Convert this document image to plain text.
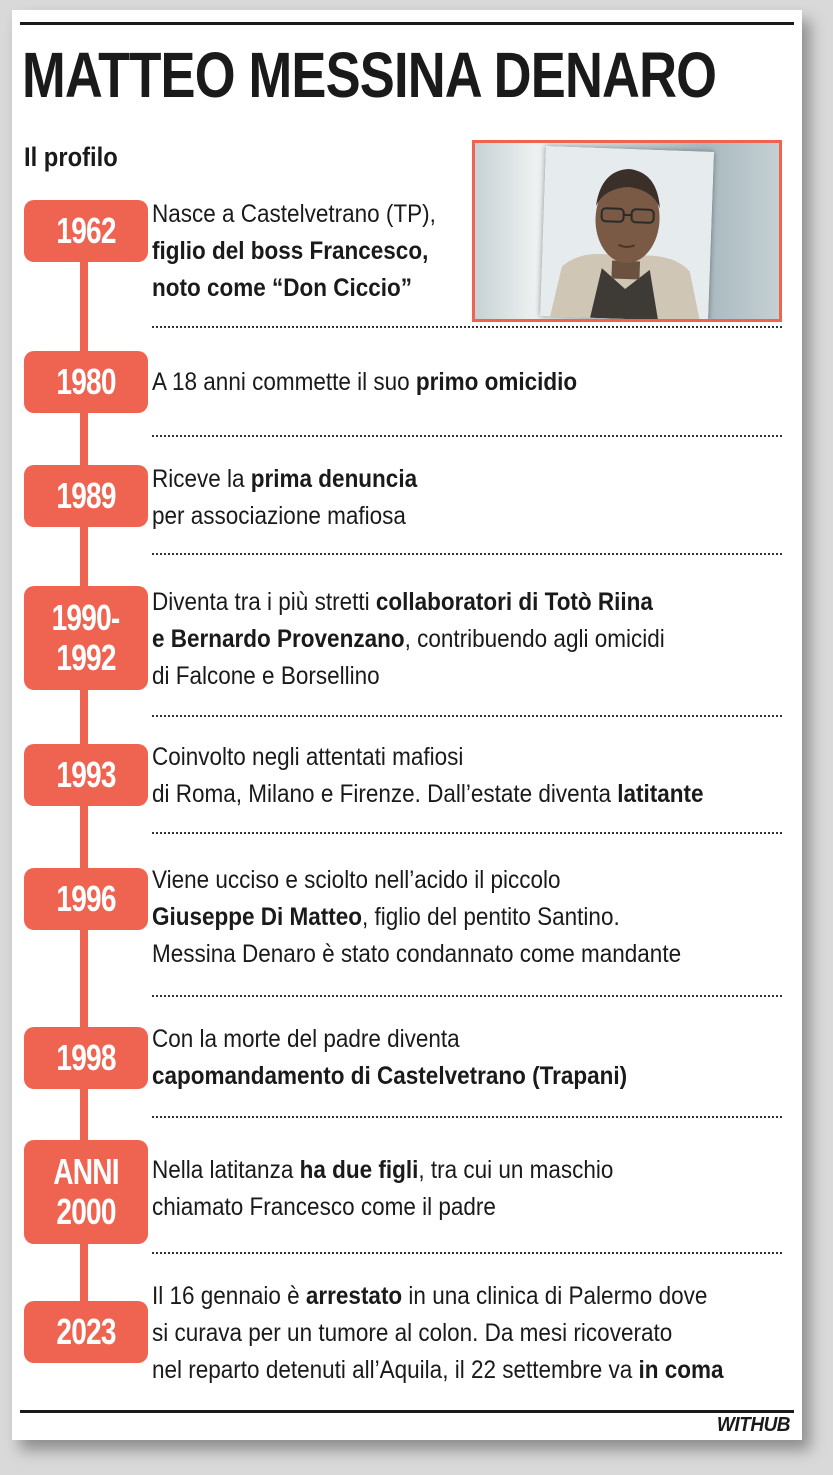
MATTEO MESSINA DENARO
Il profilo
1962 Nasce a Castelvetrano (TP),
figlio del boss Francesco,
noto come “Don Ciccio”
1980 A 18 anni commette il suo primo omicidio
1989 Riceve la prima denuncia
per associazione mafiosa
1990-
1992
Diventa tra i più stretti collaboratori di Totò Riina
e Bernardo Provenzano, contribuendo agli omicidi
di Falcone e Borsellino
1993 Coinvolto negli attentati mafiosi
di Roma, Milano e Firenze. Dall’estate diventa latitante
1996 Viene ucciso e sciolto nell’acido il piccolo
Giuseppe Di Matteo, figlio del pentito Santino.
Messina Denaro è stato condannato come mandante
1998 Con la morte del padre diventa
capomandamento di Castelvetrano (Trapani)
ANNI
2000
Nella latitanza ha due figli, tra cui un maschio
chiamato Francesco come il padre
2023
Il 16 gennaio è arrestato in una clinica di Palermo dove
si curava per un tumore al colon. Da mesi ricoverato
nel reparto detenuti all’Aquila, il 22 settembre va in coma
WITHUB
